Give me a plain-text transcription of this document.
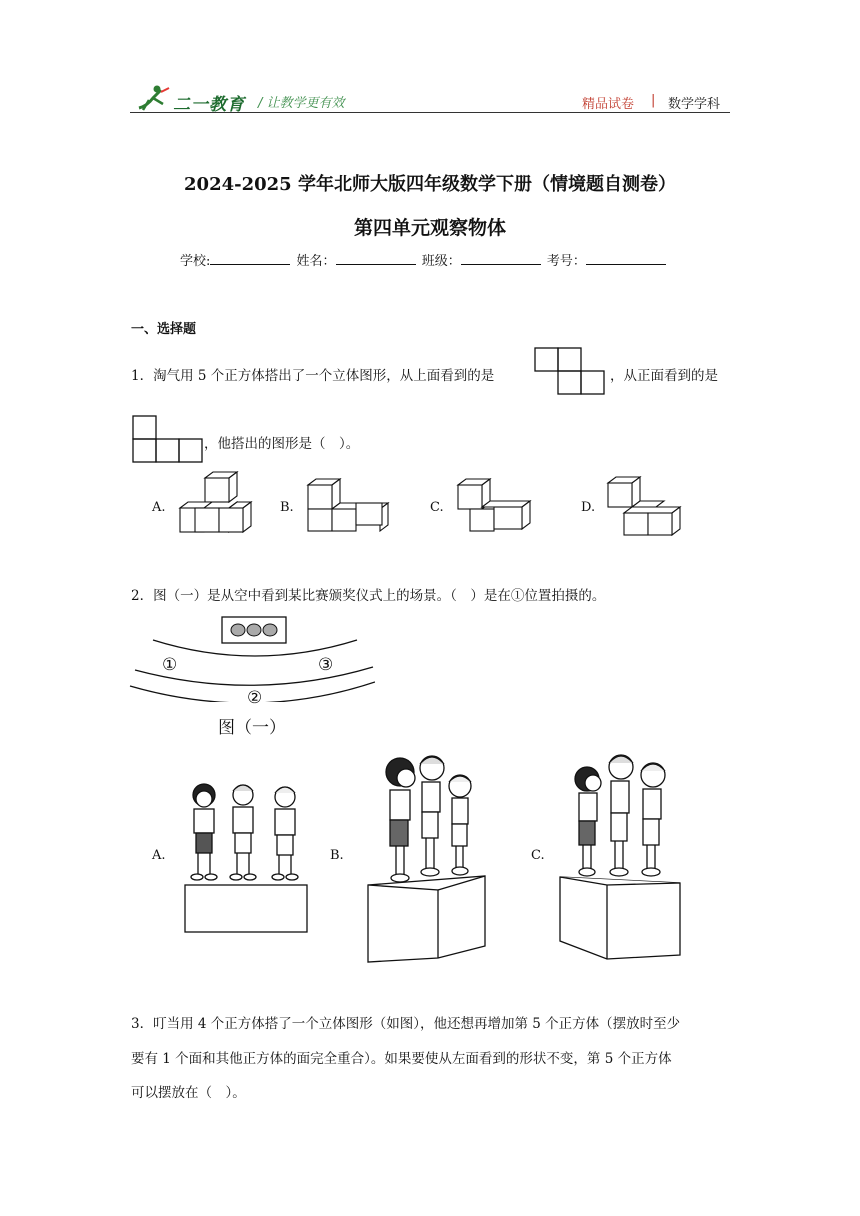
二一教育 / 让教学更有效	精品试卷 | 数学学科
2024-2025 学年北师大版四年级数学下册（情境题自测卷）
第四单元观察物体
学校:	姓名：	班级：	考号：
一、选择题
1．淘气用 5 个正方体搭出了一个立体图形，从上面看到的是	，从正面看到的是
，他搭出的图形是（　）。
A.	B.	C.	D.
2．图（一）是从空中看到某比赛颁奖仪式上的场景。（　）是在①位置拍摄的。
①
②
③
图（一）
A.	B.	C.
3．叮当用 4 个正方体搭了一个立体图形（如图），他还想再增加第 5 个正方体（摆放时至少
要有 1 个面和其他正方体的面完全重合）。如果要使从左面看到的形状不变，第 5 个正方体
可以摆放在（　）。
